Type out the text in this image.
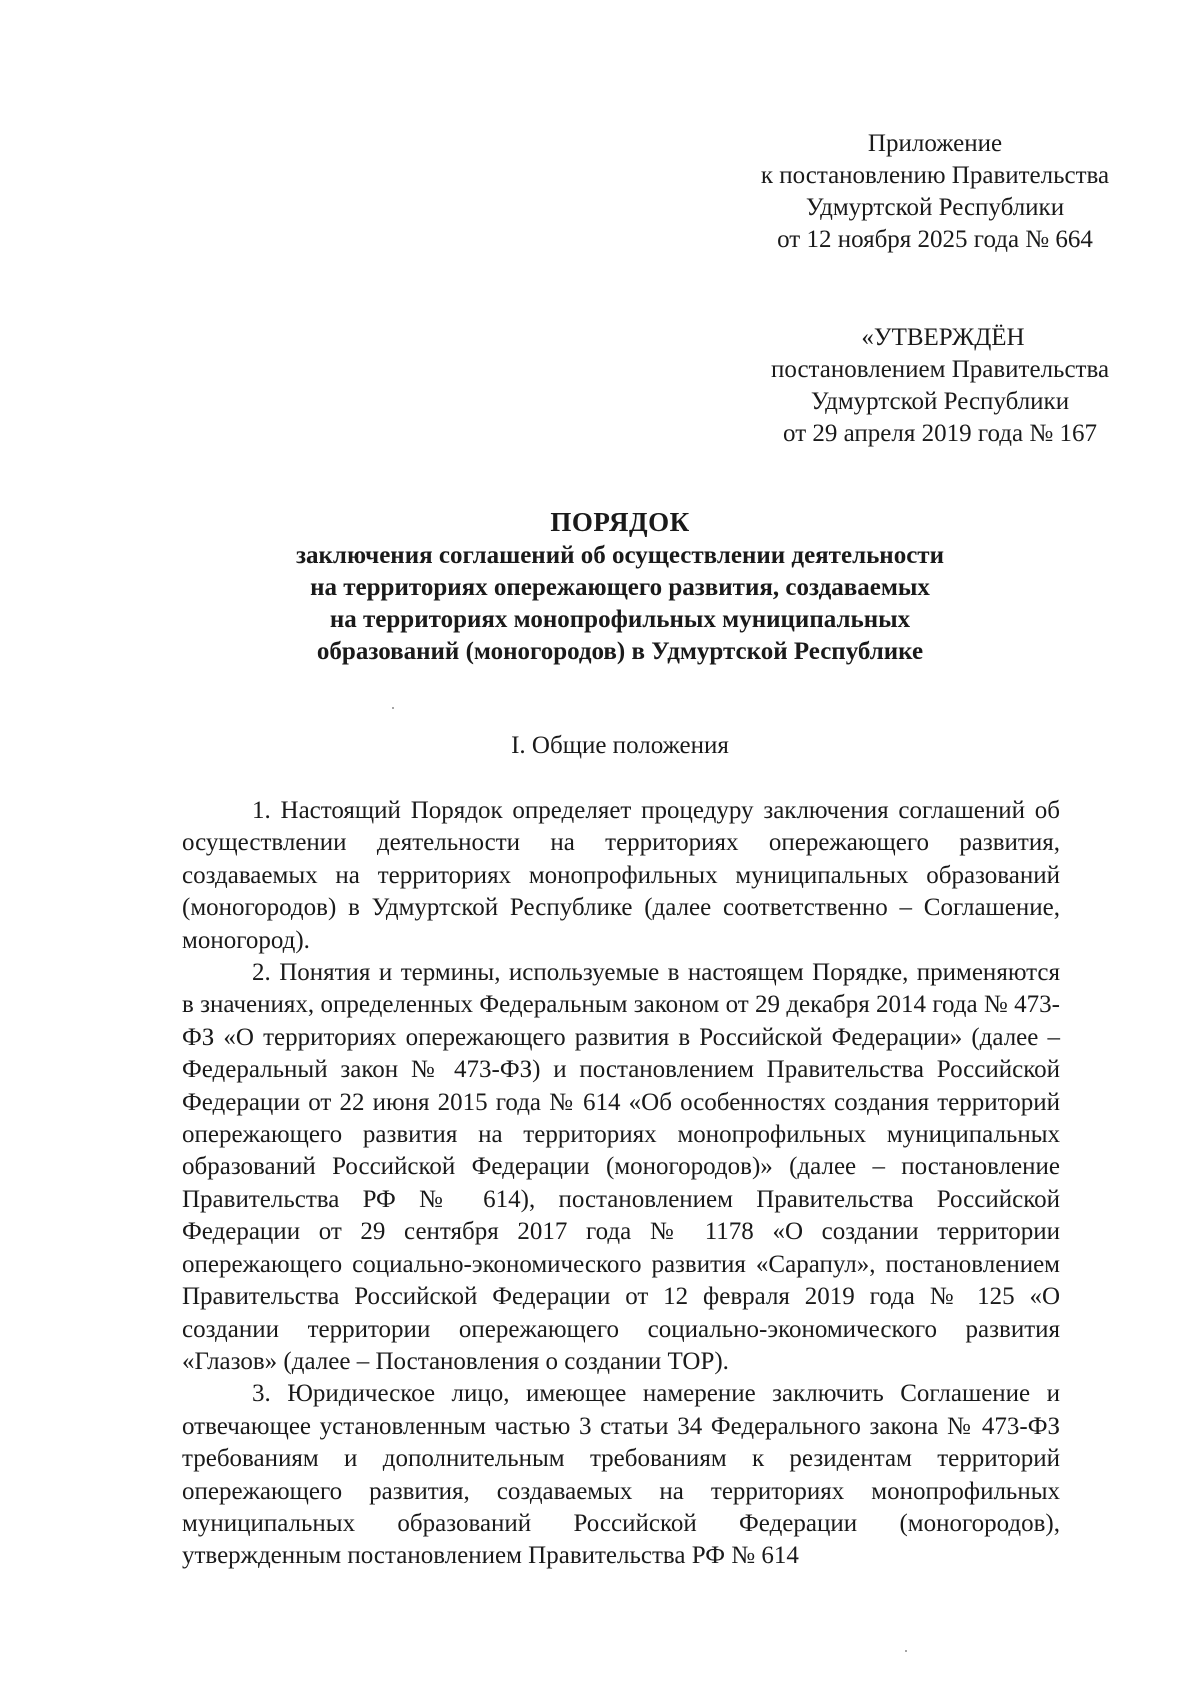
Приложение
к постановлению Правительства
Удмуртской Республики
от 12 ноября 2025 года № 664
«УТВЕРЖДЁН
постановлением Правительства
Удмуртской Республики
от 29 апреля 2019 года № 167
ПОРЯДОК
заключения соглашений об осуществлении деятельности
на территориях опережающего развития, создаваемых
на территориях монопрофильных муниципальных
образований (моногородов) в Удмуртской Республике
I. Общие положения

1. Настоящий Порядок определяет процедуру заключения соглашений об осуществлении деятельности на территориях опережающего развития, создаваемых на территориях монопрофильных муниципальных образований (моногородов) в Удмуртской Республике (далее соответственно – Соглашение, моногород).

2. Понятия и термины, используемые в настоящем Порядке, применяются в значениях, определенных Федеральным законом от 29 декабря 2014 года № 473-ФЗ «О территориях опережающего развития в Российской Федерации» (далее – Федеральный закон № 473-ФЗ) и постановлением Правительства Российской Федерации от 22 июня 2015 года № 614 «Об особенностях создания территорий опережающего развития на территориях монопрофильных муниципальных образований Российской Федерации (моногородов)» (далее – постановление Правительства РФ № 614), постановлением Правительства Российской Федерации от 29 сентября 2017 года № 1178 «О создании территории опережающего социально-экономического развития «Сарапул», постановлением Правительства Российской Федерации от 12 февраля 2019 года № 125 «О создании территории опережающего социально-экономического развития «Глазов» (далее – Постановления о создании ТОР).

3. Юридическое лицо, имеющее намерение заключить Соглашение и отвечающее установленным частью 3 статьи 34 Федерального закона № 473-ФЗ требованиям и дополнительным требованиям к резидентам территорий опережающего развития, создаваемых на территориях монопрофильных муниципальных образований Российской Федерации (моногородов), утвержденным постановлением Правительства РФ № 614
